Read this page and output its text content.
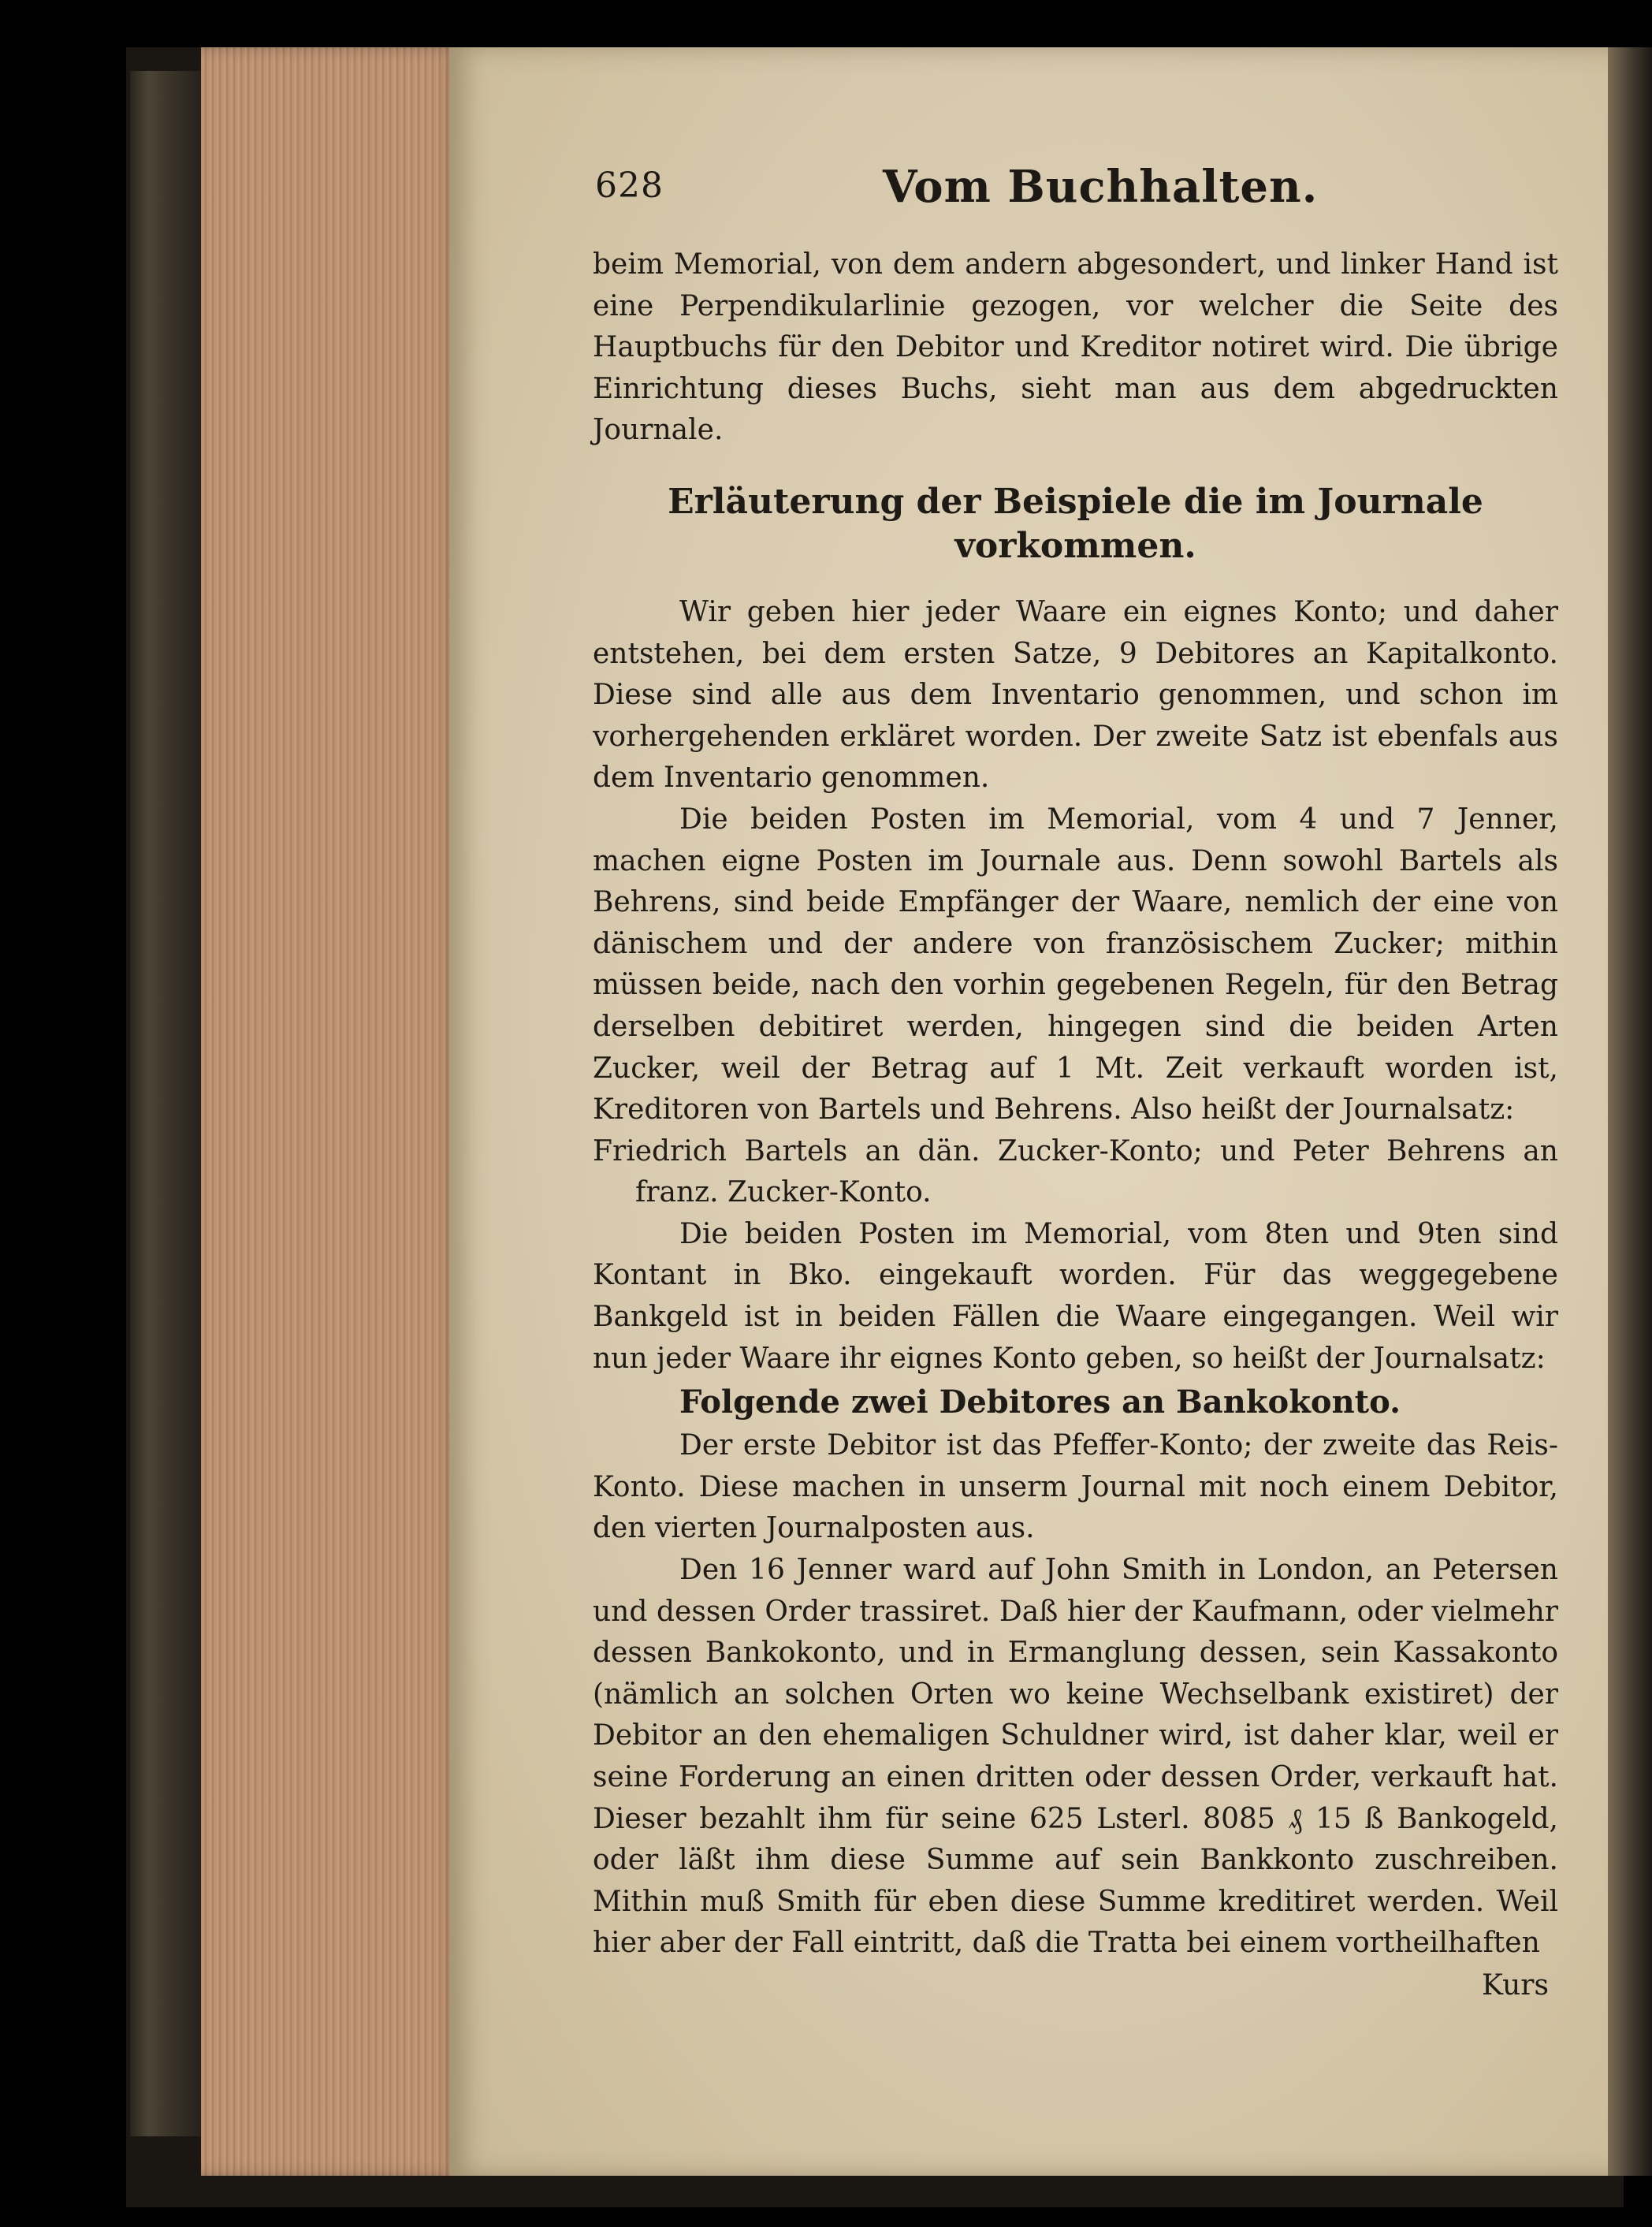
628	Vom Buchhalten.

beim Memorial, von dem andern abgesondert, und linker Hand ist eine Perpendikularlinie gezogen, vor welcher die Seite des Hauptbuchs für den Debitor und Kreditor notiret wird. Die übrige Einrichtung dieses Buchs, sieht man aus dem abgedruckten Journale.

Erläuterung der Beispiele die im Journale vorkommen.

Wir geben hier jeder Waare ein eignes Konto; und daher entstehen, bei dem ersten Satze, 9 Debitores an Kapitalkonto. Diese sind alle aus dem Inventario genommen, und schon im vorhergehenden erkläret worden. Der zweite Satz ist ebenfals aus dem Inventario genommen.

Die beiden Posten im Memorial, vom 4 und 7 Jenner, machen eigne Posten im Journale aus. Denn sowohl Bartels als Behrens, sind beide Empfänger der Waare, nemlich der eine von dänischem und der andere von französischem Zucker; mithin müssen beide, nach den vorhin gegebenen Regeln, für den Betrag derselben debitiret werden, hingegen sind die beiden Arten Zucker, weil der Betrag auf 1 Mt. Zeit verkauft worden ist, Kreditoren von Bartels und Behrens. Also heißt der Journalsatz:

Friedrich Bartels an dän. Zucker-Konto; und Peter Behrens an franz. Zucker-Konto.

Die beiden Posten im Memorial, vom 8ten und 9ten sind Kontant in Bko. eingekauft worden. Für das weggegebene Bankgeld ist in beiden Fällen die Waare eingegangen. Weil wir nun jeder Waare ihr eignes Konto geben, so heißt der Journalsatz:

Folgende zwei Debitores an Bankokonto.

Der erste Debitor ist das Pfeffer-Konto; der zweite das Reis-Konto. Diese machen in unserm Journal mit noch einem Debitor, den vierten Journalposten aus.

Den 16 Jenner ward auf John Smith in London, an Petersen und dessen Order trassiret. Daß hier der Kaufmann, oder vielmehr dessen Bankokonto, und in Ermanglung dessen, sein Kassakonto (nämlich an solchen Orten wo keine Wechselbank existiret) der Debitor an den ehemaligen Schuldner wird, ist daher klar, weil er seine Forderung an einen dritten oder dessen Order, verkauft hat. Dieser bezahlt ihm für seine 625 Lsterl. 8085 ₰ 15 ß Bankogeld, oder läßt ihm diese Summe auf sein Bankkonto zuschreiben. Mithin muß Smith für eben diese Summe kreditiret werden. Weil hier aber der Fall eintritt, daß die Tratta bei einem vortheilhaften

Kurs
